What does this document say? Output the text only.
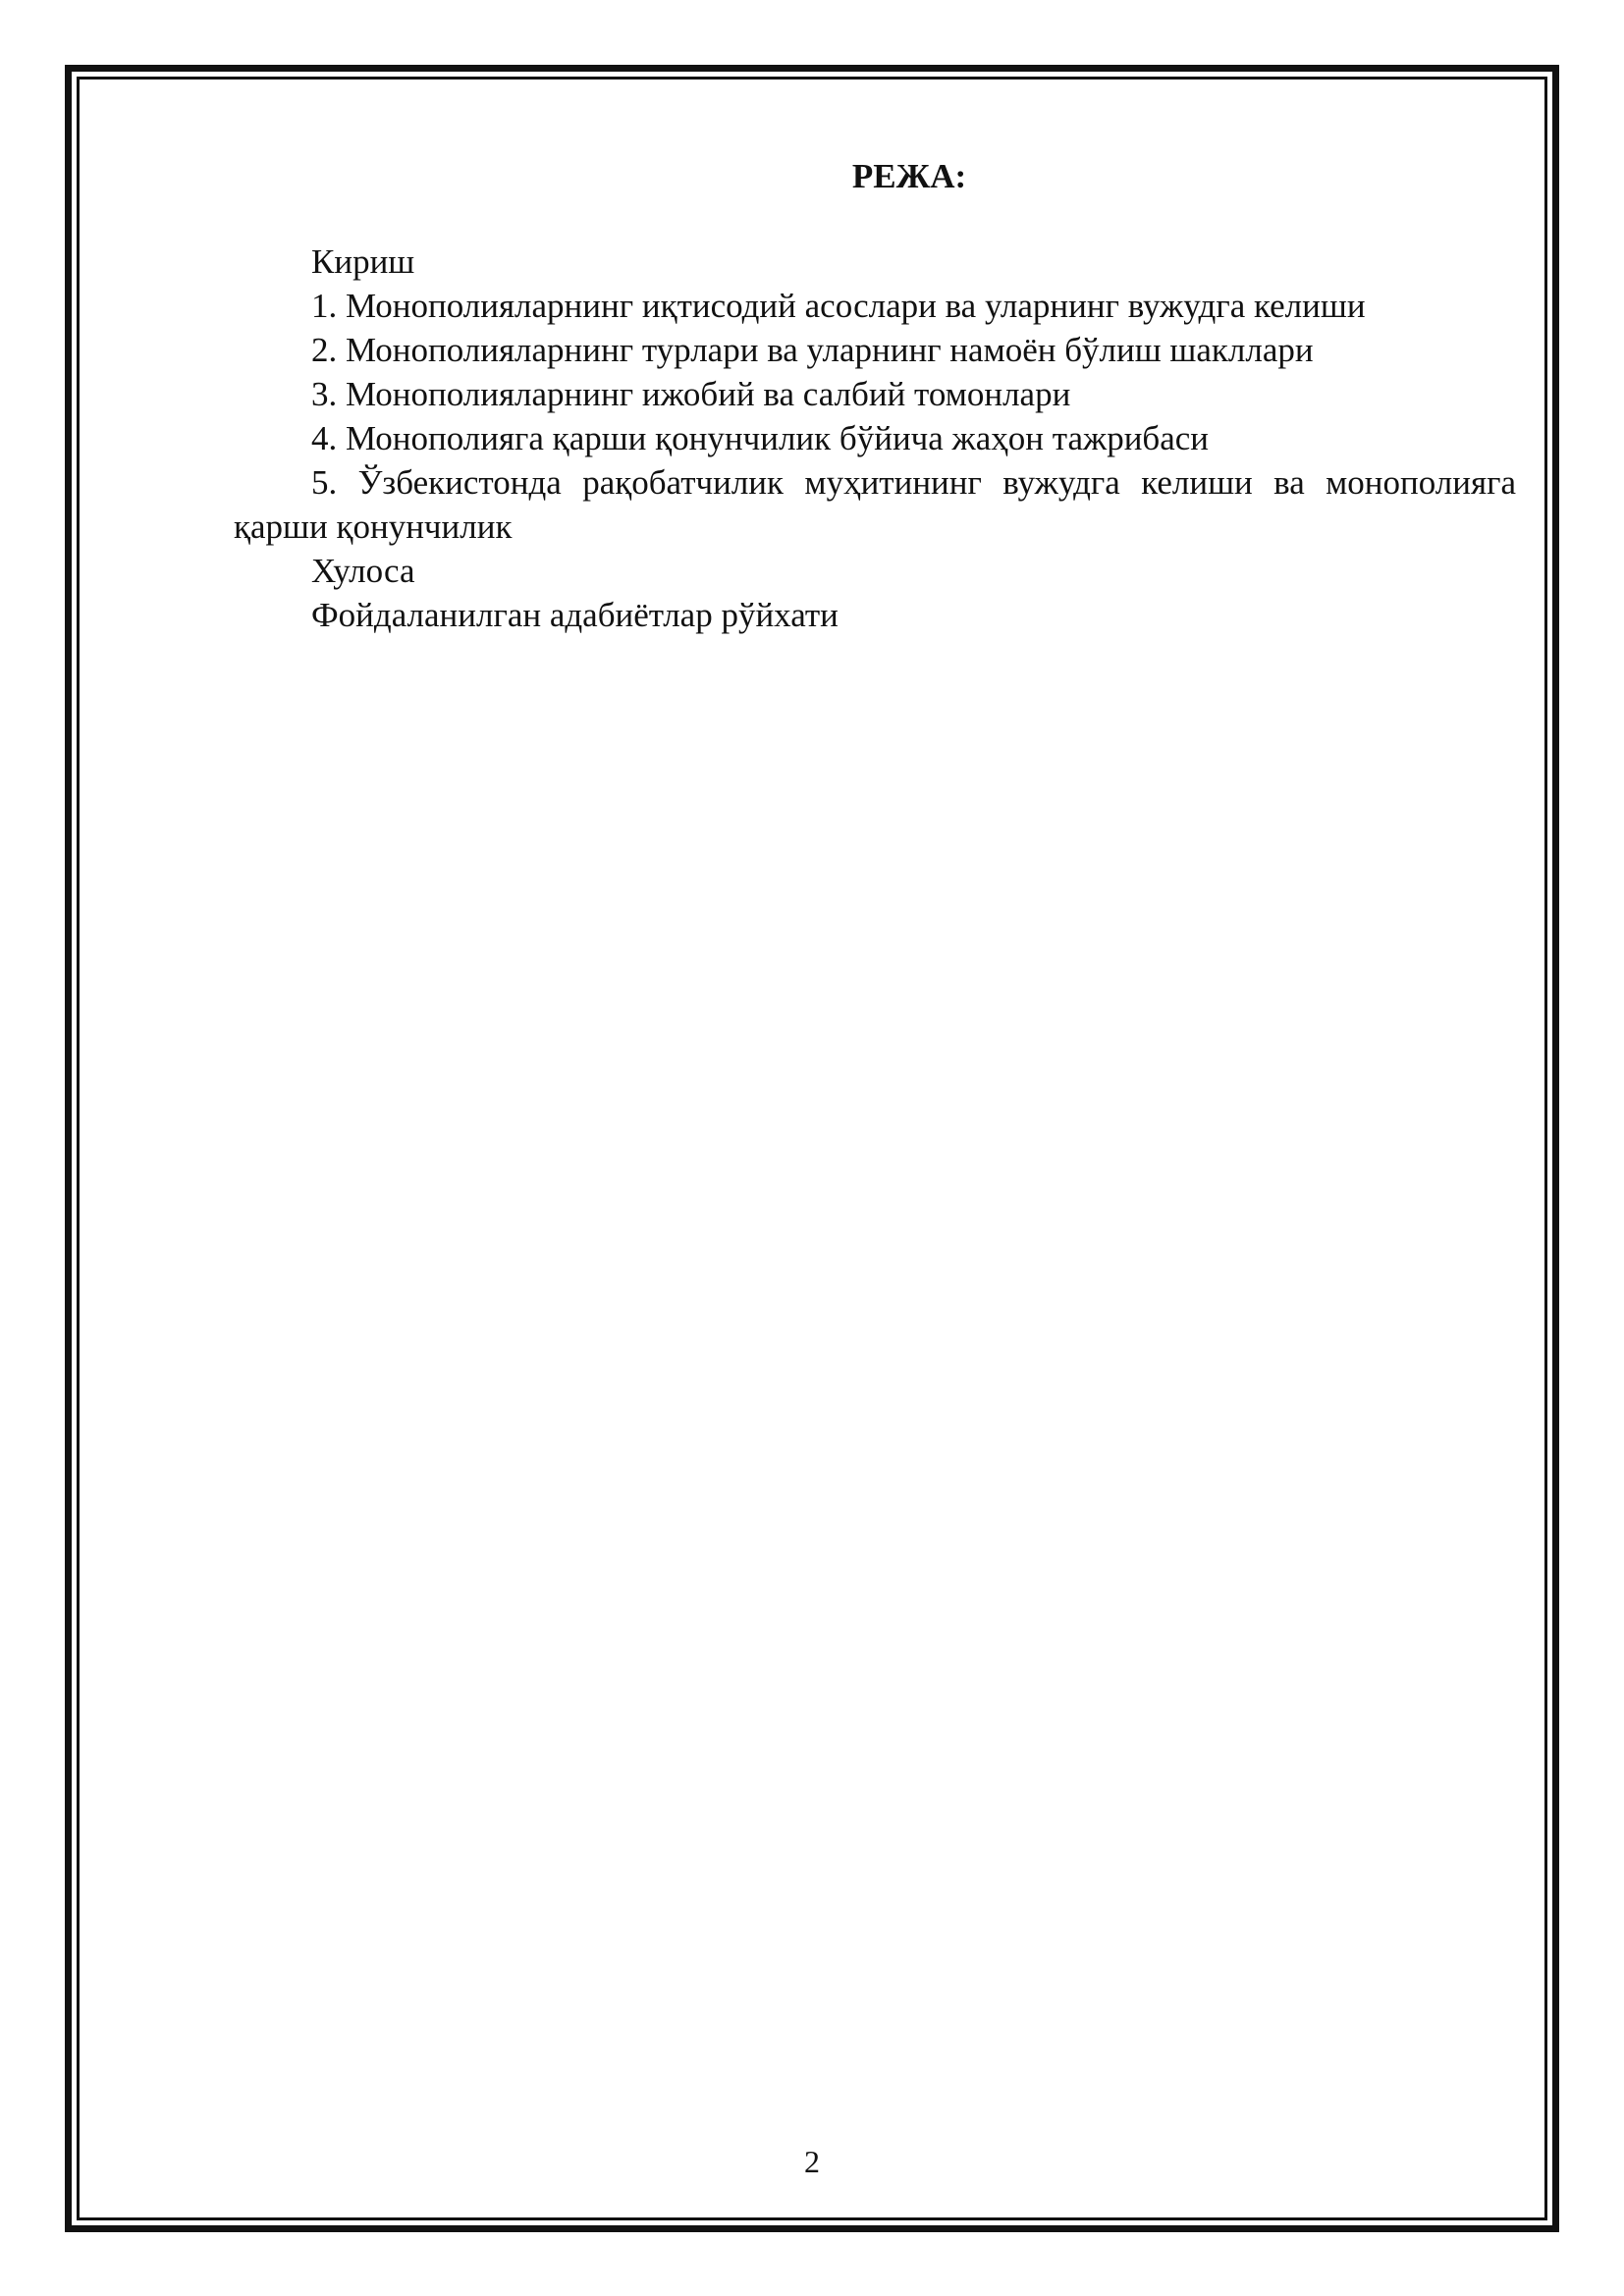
РЕЖА:
Кириш
1. Монополияларнинг иқтисодий асослари ва уларнинг вужудга келиши
2. Монополияларнинг турлари ва уларнинг намоён бўлиш шакллари
3. Монополияларнинг ижобий ва салбий томонлари
4. Монополияга қарши қонунчилик бўйича жаҳон тажрибаси
5. Ўзбекистонда рақобатчилик муҳитининг вужудга келиши ва монополияга қарши қонунчилик
Хулоса
Фойдаланилган адабиётлар рўйхати
2
